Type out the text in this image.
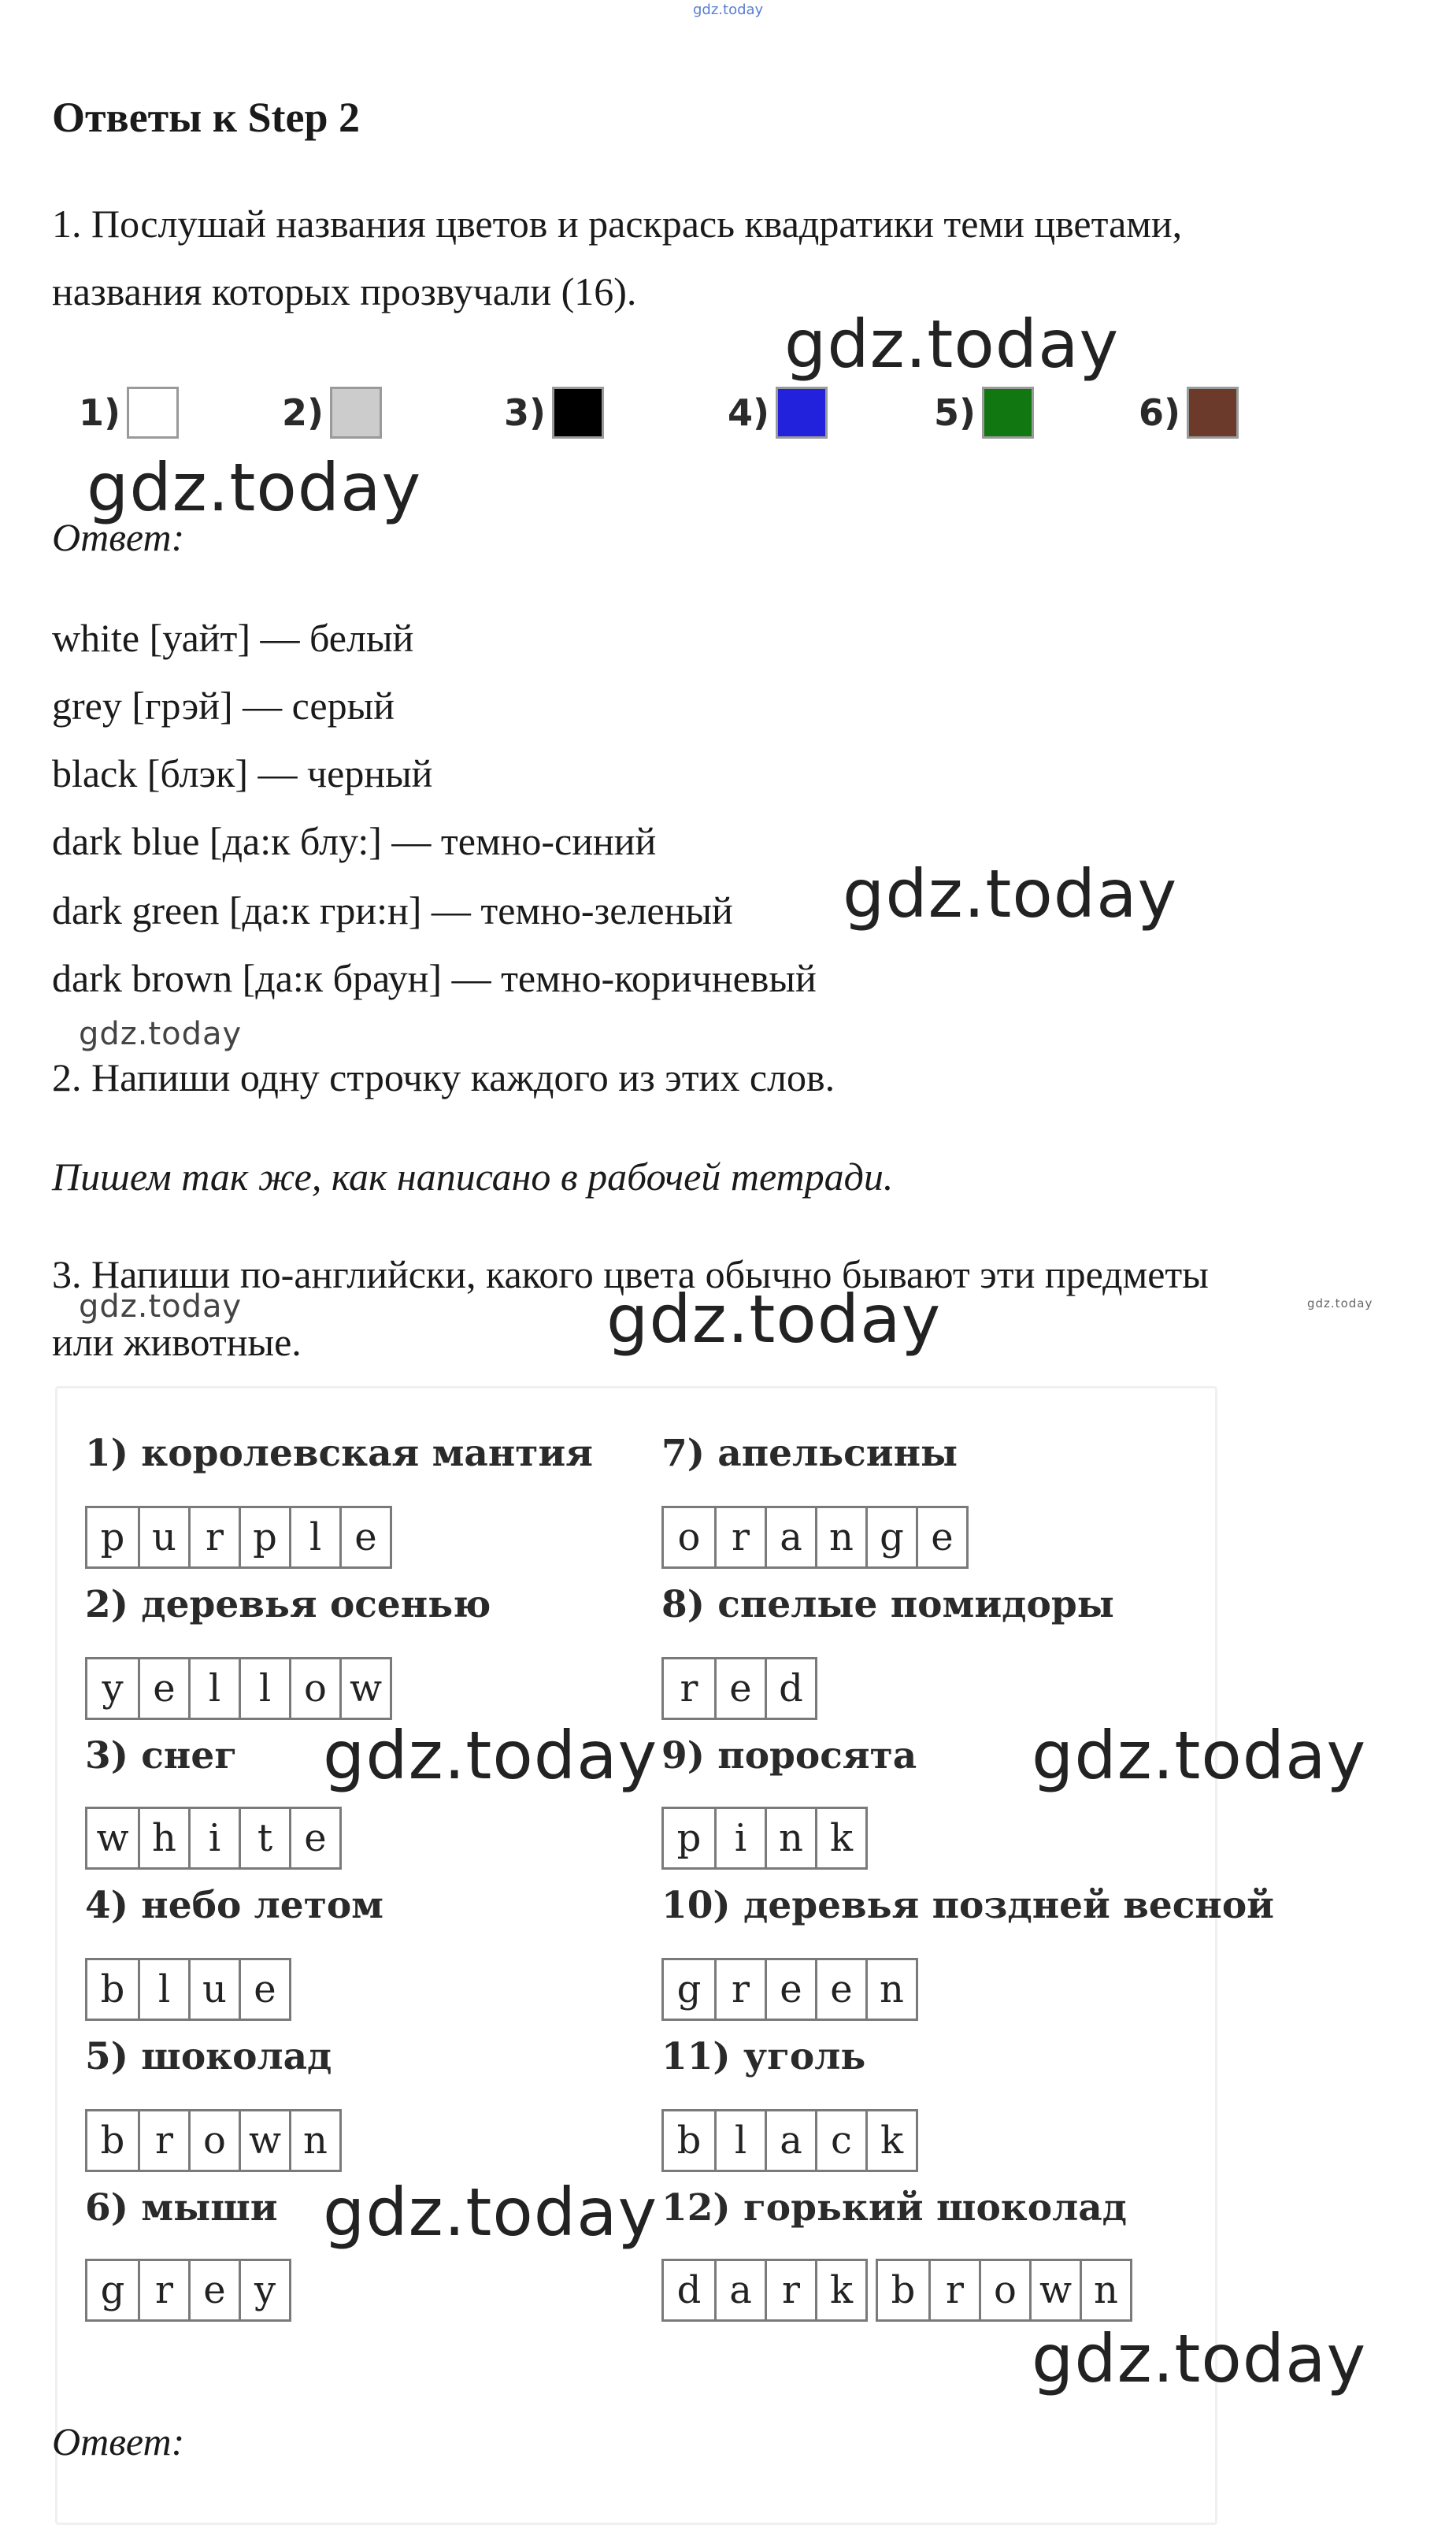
gdz.today
Ответы к Step 2
1. Послушай названия цветов и раскрась квадратики теми цветами,
названия которых прозвучали (16).
1)	2)	3)	4)	5)	6)
Ответ:
white [уайт] — белый
grey [грэй] — серый
black [блэк] — черный
dark blue [да:к блу:] — темно-синий
dark green [да:к гри:н] — темно-зеленый
dark brown [да:к браун] — темно-коричневый
2. Напиши одну строчку каждого из этих слов.
Пишем так же, как написано в рабочей тетради.
3. Напиши по-английски, какого цвета обычно бывают эти предметы
или животные.
1) королевская мантия
p u r p l e
2) деревья осенью
y e l	l o w
3) снег
w h i t e
4) небо летом
b l u e
5) шоколад
b r o w n
6) мыши
g r e y
7) апельсины
o r a n g e
8) спелые помидоры
r e d
9) поросята
p i n k
10) деревья поздней весной
g r e e n
11) уголь
b l a c k
12) горький шоколад
d a r k	b r o w n
Ответ:
gdz.today
gdz.today
gdz.today
gdz.today
gdz.today	gdz.today	gdz.today
gdz.today	gdz.today
gdz.today
gdz.today
